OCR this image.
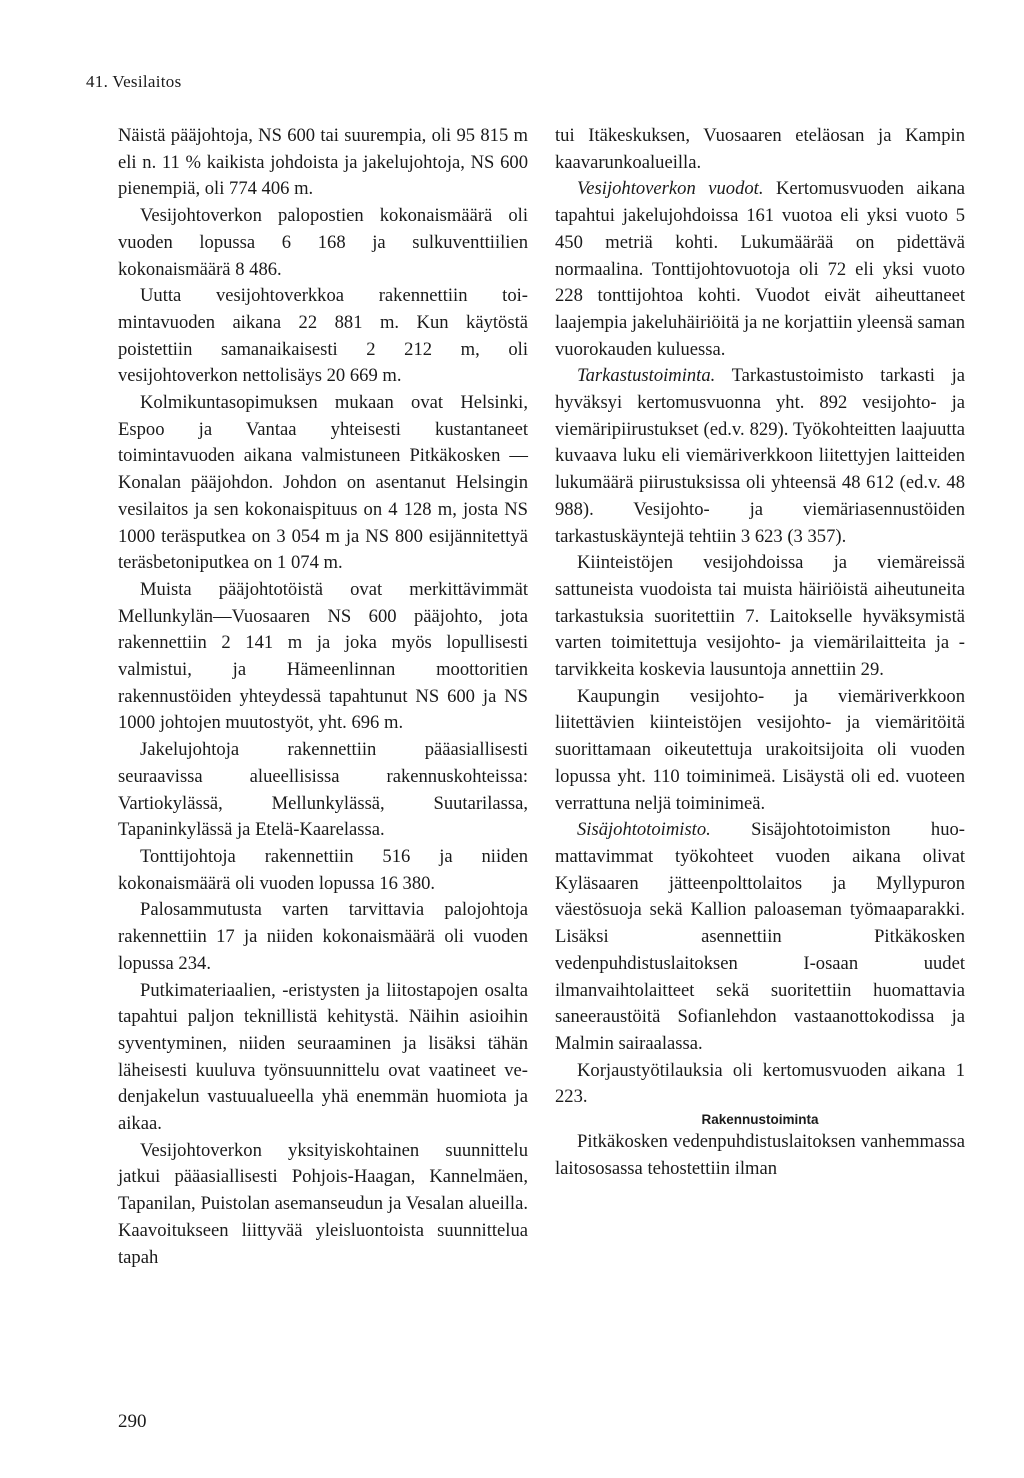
41. Vesilaitos

Näistä pääjohtoja, NS 600 tai suurempia, oli 95 815 m eli n. 11 % kaikista johdoista ja jakelujohtoja, NS 600 pienempiä, oli 774 406 m.

Vesijohtoverkon palopostien kokonaismäärä oli vuoden lopussa 6 168 ja sulkuventtiilien kokonaismäärä 8 486.

Uutta vesijohtoverkkoa rakennettiin toimintavuoden aikana 22 881 m. Kun käytöstä poistettiin samanaikaisesti 2 212 m, oli vesijohtoverkon nettolisäys 20 669 m.

Kolmikuntasopimuksen mukaan ovat Helsinki, Espoo ja Vantaa yhteisesti kustantaneet toimintavuoden aikana valmistuneen Pitkäkosken — Konalan pääjohdon. Johdon on asentanut Helsingin vesilaitos ja sen kokonaispituus on 4 128 m, josta NS 1000 teräsputkea on 3 054 m ja NS 800 esijännitettyä teräsbetoniputkea on 1 074 m.

Muista pääjohtotöistä ovat merkittävimmät Mellunkylän—Vuosaaren NS 600 pääjohto, jota rakennettiin 2 141 m ja joka myös lopullisesti valmistui, ja Hämeenlinnan moottoritien rakennustöiden yhteydessä tapahtunut NS 600 ja NS 1000 johtojen muutostyöt, yht. 696 m.

Jakelujohtoja rakennettiin pääasiallisesti seuraavissa alueellisissa rakennuskohteissa: Vartiokylässä, Mellunkylässä, Suutarilassa, Tapaninkylässä ja Etelä-Kaarelassa.

Tonttijohtoja rakennettiin 516 ja niiden kokonaismäärä oli vuoden lopussa 16 380.

Palosammutusta varten tarvittavia palojohtoja rakennettiin 17 ja niiden kokonaismäärä oli vuoden lopussa 234.

Putkimateriaalien, -eristysten ja liitostapojen osalta tapahtui paljon teknillistä kehitystä. Näihin asioihin syventyminen, niiden seuraaminen ja lisäksi tähän läheisesti kuuluva työnsuunnittelu ovat vaatineet vedenjakelun vastuualueella yhä enemmän huomiota ja aikaa.

Vesijohtoverkon yksityiskohtainen suunnittelu jatkui pääasiallisesti Pohjois-Haagan, Kannelmäen, Tapanilan, Puistolan asemanseudun ja Vesalan alueilla. Kaavoitukseen liittyvää yleisluontoista suunnittelua tapah

tui Itäkeskuksen, Vuosaaren eteläosan ja Kampin kaavarunkoalueilla.

Vesijohtoverkon vuodot. Kertomusvuoden aikana tapahtui jakelujohdoissa 161 vuotoa eli yksi vuoto 5 450 metriä kohti. Lukumäärää on pidettävä normaalina. Tonttijohtovuotoja oli 72 eli yksi vuoto 228 tonttijohtoa kohti. Vuodot eivät aiheuttaneet laajempia jakeluhäiriöitä ja ne korjattiin yleensä saman vuorokauden kuluessa.

Tarkastustoiminta. Tarkastustoimisto tarkasti ja hyväksyi kertomusvuonna yht. 892 vesijohto- ja viemäripiirustukset (ed.v. 829). Työkohteitten laajuutta kuvaava luku eli viemäriverkkoon liitettyjen laitteiden lukumäärä piirustuksissa oli yhteensä 48 612 (ed.v. 48 988). Vesijohto- ja viemäriasennustöiden tarkastuskäyntejä tehtiin 3 623 (3 357).

Kiinteistöjen vesijohdoissa ja viemäreissä sattuneista vuodoista tai muista häiriöistä aiheutuneita tarkastuksia suoritettiin 7. Laitokselle hyväksymistä varten toimitettuja vesijohto- ja viemärilaitteita ja -tarvikkeita koskevia lausuntoja annettiin 29.

Kaupungin vesijohto- ja viemäriverkkoon liitettävien kiinteistöjen vesijohto- ja viemäritöitä suorittamaan oikeutettuja urakoitsijoita oli vuoden lopussa yht. 110 toiminimeä. Lisäystä oli ed. vuoteen verrattuna neljä toiminimeä.

Sisäjohtotoimisto. Sisäjohtotoimiston huomattavimmat työkohteet vuoden aikana olivat Kyläsaaren jätteenpolttolaitos ja Myllypuron väestösuoja sekä Kallion paloaseman työmaaparakki. Lisäksi asennettiin Pitkäkosken vedenpuhdistuslaitoksen I-osaan uudet ilmanvaihtolaitteet sekä suoritettiin huomattavia saneeraustöitä Sofianlehdon vastaanottokodissa ja Malmin sairaalassa.

Korjaustyötilauksia oli kertomusvuoden aikana 1 223.

Rakennustoiminta

Pitkäkosken vedenpuhdistuslaitoksen vanhemmassa laitososassa tehostettiin ilman

290
